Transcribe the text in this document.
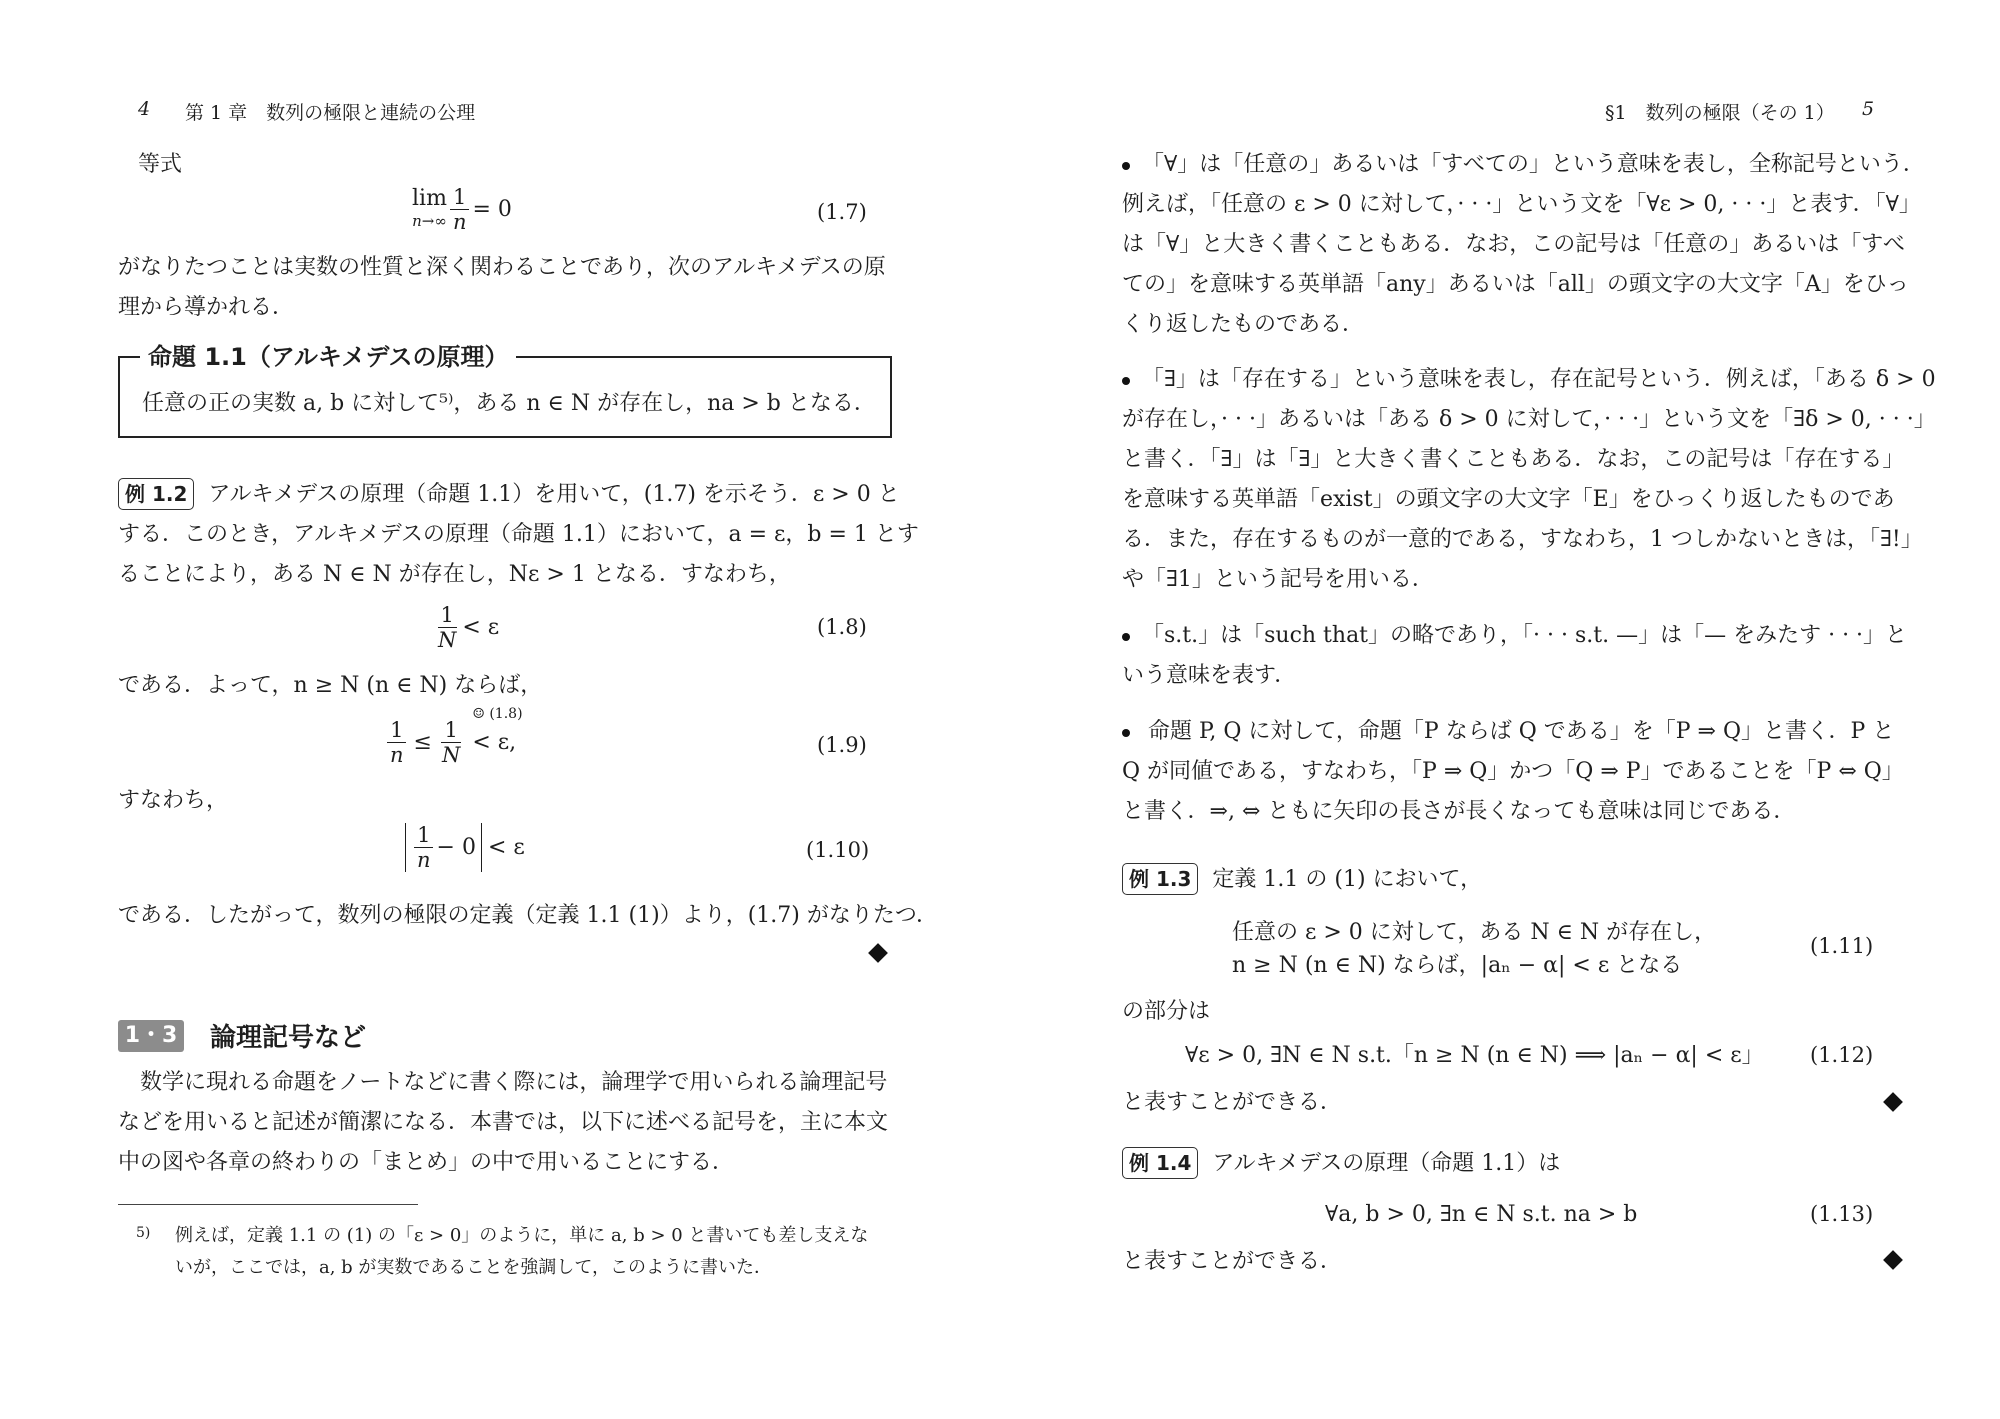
4 第 1 章　数列の極限と連続の公理
等式
lim
$n\to\infty \frac{1}{n} = 0$	(1.7)
がなりたつことは実数の性質と深く関わることであり，次のアルキメデスの原
理から導かれる．
命題 1.1（アルキメデスの原理）
任意の正の実数 a, b に対して⁵⁾，ある n ∈ N が存在し，na > b となる．
例 1.2 アルキメデスの原理（命題 1.1）を用いて，(1.7) を示そう．ε > 0 と
する．このとき，アルキメデスの原理（命題 1.1）において，a = ε，b = 1 とす
ることにより，ある N ∈ N が存在し，Nε > 1 となる．すなわち，
$\frac{1}{N} < \varepsilon$	(1.8)
である．よって，n ≥ N (n ∈ N) ならば，
$\frac{1}{n} \le \frac{1}{N}$
☺ (1.8)
< ε,	(1.9)
すなわち，
$\frac{1}{n} - 0 < \varepsilon$	(1.10)
である．したがって，数列の極限の定義（定義 1.1 (1)）より，(1.7) がなりたつ．
1・3 論理記号など
数学に現れる命題をノートなどに書く際には，論理学で用いられる論理記号
などを用いると記述が簡潔になる．本書では，以下に述べる記号を，主に本文
中の図や各章の終わりの「まとめ」の中で用いることにする．
5) 例えば，定義 1.1 の (1) の「ε > 0」のように，単に a, b > 0 と書いても差し支えな
いが，ここでは，a, b が実数であることを強調して，このように書いた．
§1　数列の極限（その 1） 5
「∀」は「任意の」あるいは「すべての」という意味を表し，全称記号という．
例えば，「任意の ε > 0 に対して，· · ·」という文を「∀ε > 0, · · ·」と表す．「∀」
は「∀」と大きく書くこともある．なお，この記号は「任意の」あるいは「すべ
ての」を意味する英単語「any」あるいは「all」の頭文字の大文字「A」をひっ
くり返したものである．
「∃」は「存在する」という意味を表し，存在記号という．例えば，「ある δ > 0
が存在し，· · ·」あるいは「ある δ > 0 に対して，· · ·」という文を「∃δ > 0, · · ·」
と書く．「∃」は「∃」と大きく書くこともある．なお，この記号は「存在する」
を意味する英単語「exist」の頭文字の大文字「E」をひっくり返したものであ
る．また，存在するものが一意的である，すなわち，1 つしかないときは，「∃!」
や「∃1」という記号を用いる．
「s.t.」は「such that」の略であり，「· · · s.t. —」は「— をみたす · · ·」と
いう意味を表す．
命題 P, Q に対して，命題「P ならば Q である」を「P ⇒ Q」と書く．P と
Q が同値である，すなわち，「P ⇒ Q」かつ「Q ⇒ P」であることを「P ⇔ Q」
と書く．⇒, ⇔ ともに矢印の長さが長くなっても意味は同じである．
例 1.3 定義 1.1 の (1) において，
任意の ε > 0 に対して，ある N ∈ N が存在し，
n ≥ N (n ∈ N) ならば，|aₙ − α| < ε となる
(1.11)
の部分は
∀ε > 0, ∃N ∈ N s.t.「n ≥ N (n ∈ N) ⟹ |aₙ − α| < ε」 (1.12)
と表すことができる．
例 1.4 アルキメデスの原理（命題 1.1）は
∀a, b > 0, ∃n ∈ N s.t. na > b	(1.13)
と表すことができる．
